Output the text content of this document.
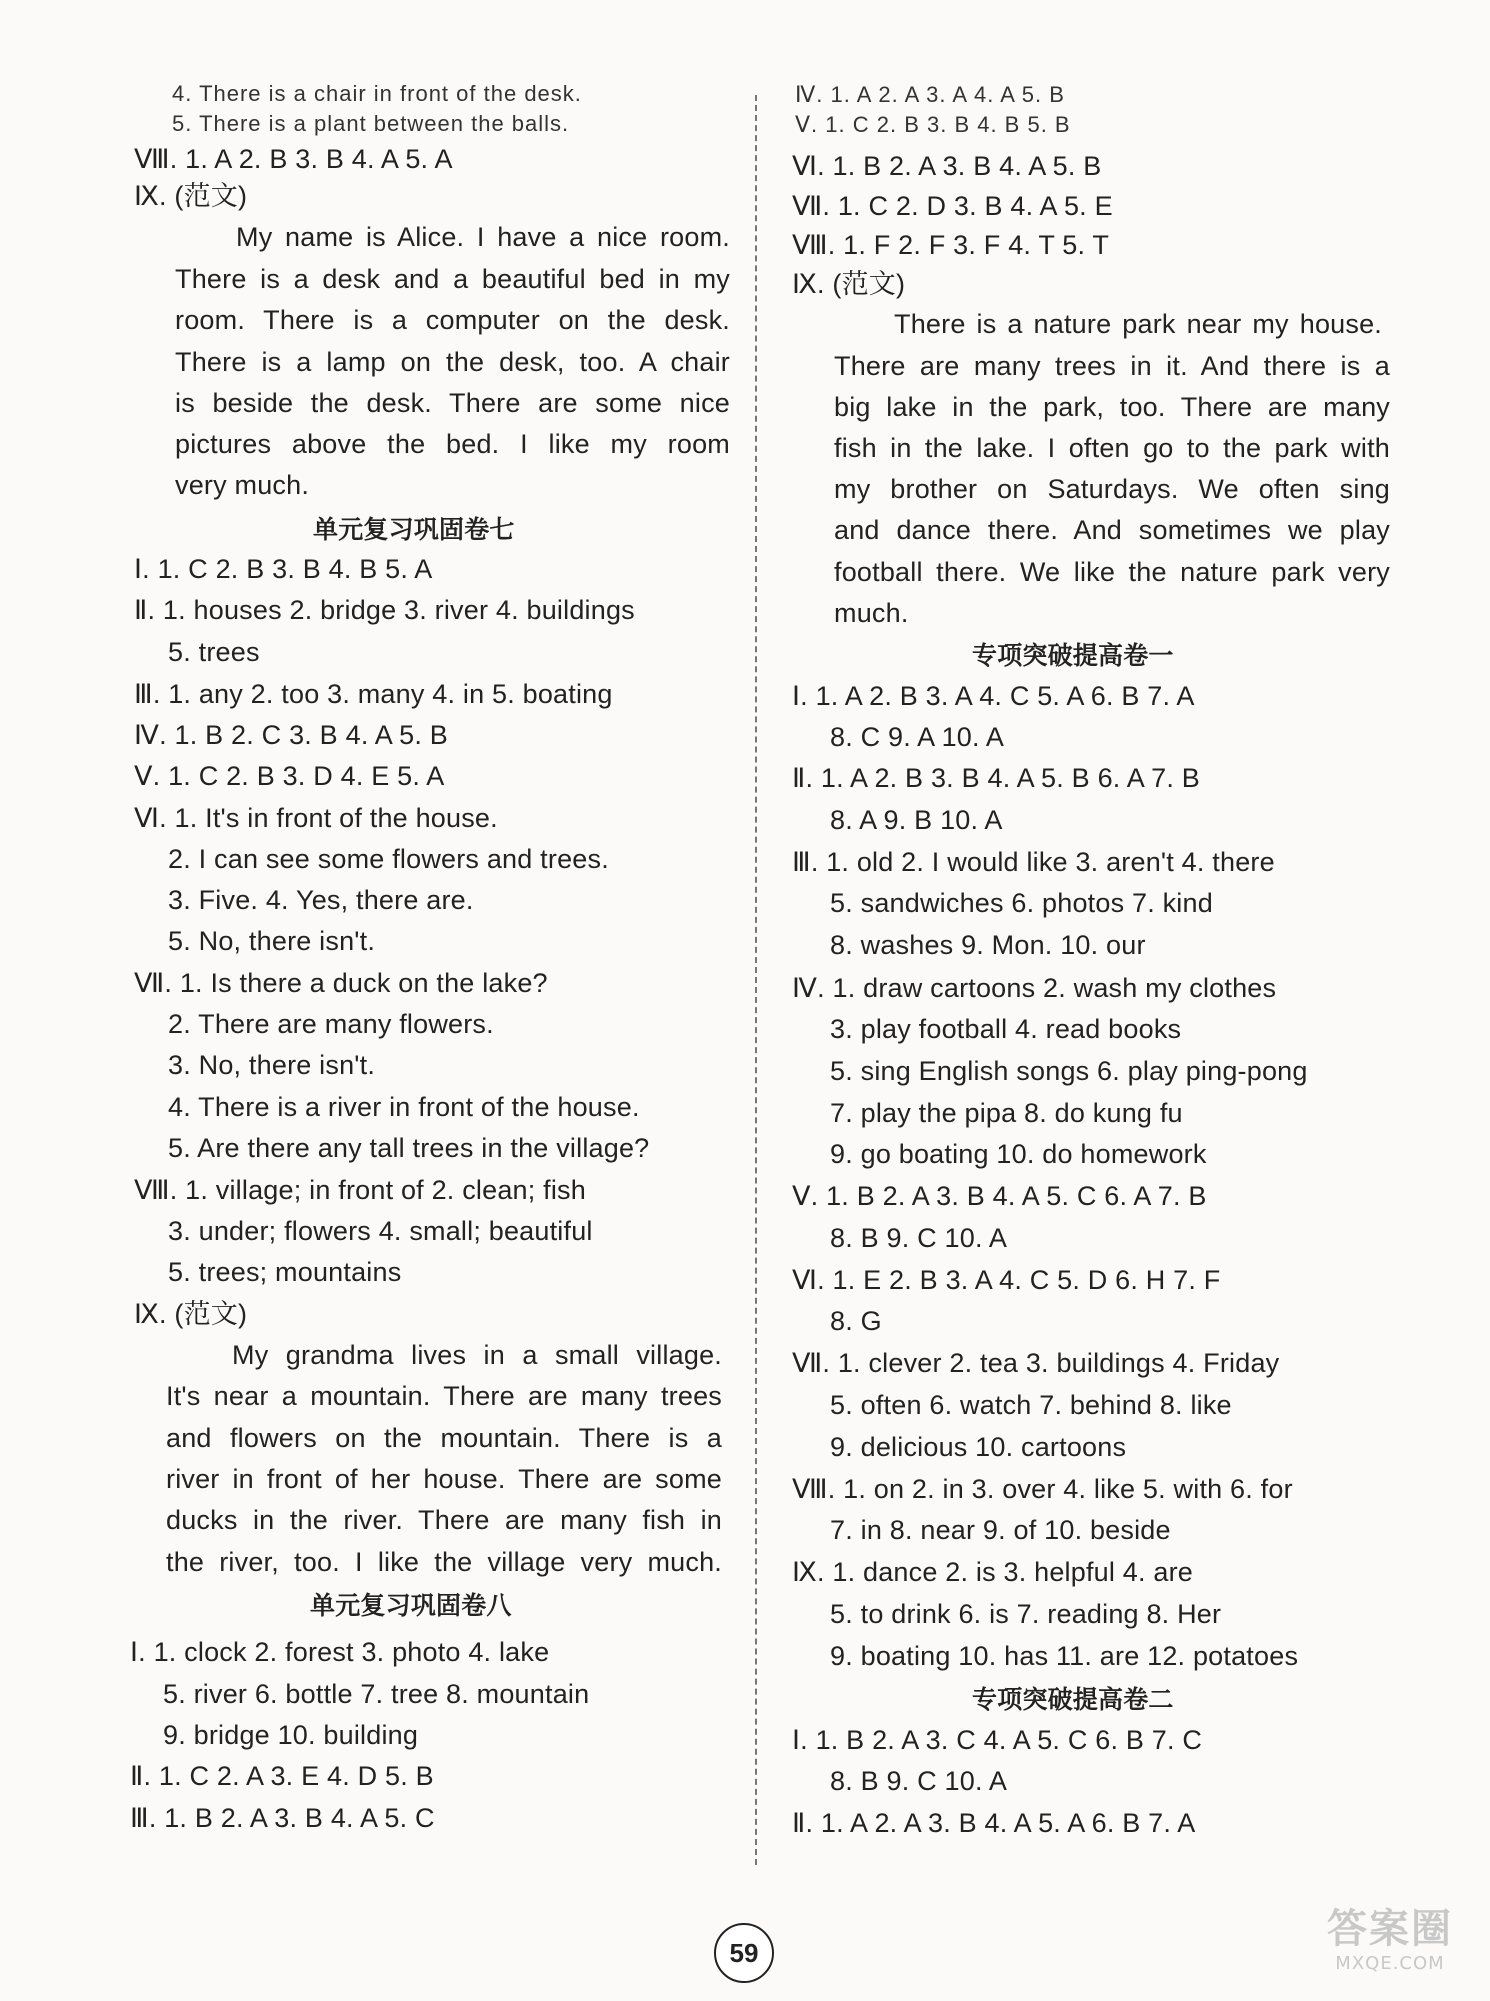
4. There is a chair in front of the desk.
5. There is a plant between the balls.
Ⅷ. 1. A 2. B 3. B 4. A 5. A
Ⅸ. (范文)
My name is Alice. I have a nice room.
There is a desk and a beautiful bed in my
room. There is a computer on the desk.
There is a lamp on the desk, too. A chair
is beside the desk. There are some nice
pictures above the bed. I like my room
very much.
单元复习巩固卷七
Ⅰ. 1. C 2. B 3. B 4. B 5. A
Ⅱ. 1. houses 2. bridge 3. river 4. buildings
5. trees
Ⅲ. 1. any 2. too 3. many 4. in 5. boating
Ⅳ. 1. B 2. C 3. B 4. A 5. B
Ⅴ. 1. C 2. B 3. D 4. E 5. A
Ⅵ. 1. It's in front of the house.
2. I can see some flowers and trees.
3. Five. 4. Yes, there are.
5. No, there isn't.
Ⅶ. 1. Is there a duck on the lake?
2. There are many flowers.
3. No, there isn't.
4. There is a river in front of the house.
5. Are there any tall trees in the village?
Ⅷ. 1. village; in front of 2. clean; fish
3. under; flowers 4. small; beautiful
5. trees; mountains
Ⅸ. (范文)
My grandma lives in a small village.
It's near a mountain. There are many trees
and flowers on the mountain. There is a
river in front of her house. There are some
ducks in the river. There are many fish in
the river, too. I like the village very much.
单元复习巩固卷八
Ⅰ. 1. clock 2. forest 3. photo 4. lake
5. river 6. bottle 7. tree 8. mountain
9. bridge 10. building
Ⅱ. 1. C 2. A 3. E 4. D 5. B
Ⅲ. 1. B 2. A 3. B 4. A 5. C
Ⅳ. 1. A 2. A 3. A 4. A 5. B
Ⅴ. 1. C 2. B 3. B 4. B 5. B
Ⅵ. 1. B 2. A 3. B 4. A 5. B
Ⅶ. 1. C 2. D 3. B 4. A 5. E
Ⅷ. 1. F 2. F 3. F 4. T 5. T
Ⅸ. (范文)
There is a nature park near my house.
There are many trees in it. And there is a
big lake in the park, too. There are many
fish in the lake. I often go to the park with
my brother on Saturdays. We often sing
and dance there. And sometimes we play
football there. We like the nature park very
much.
专项突破提高卷一
Ⅰ. 1. A 2. B 3. A 4. C 5. A 6. B 7. A
8. C 9. A 10. A
Ⅱ. 1. A 2. B 3. B 4. A 5. B 6. A 7. B
8. A 9. B 10. A
Ⅲ. 1. old 2. I would like 3. aren't 4. there
5. sandwiches 6. photos 7. kind
8. washes 9. Mon. 10. our
Ⅳ. 1. draw cartoons 2. wash my clothes
3. play football 4. read books
5. sing English songs 6. play ping-pong
7. play the pipa 8. do kung fu
9. go boating 10. do homework
Ⅴ. 1. B 2. A 3. B 4. A 5. C 6. A 7. B
8. B 9. C 10. A
Ⅵ. 1. E 2. B 3. A 4. C 5. D 6. H 7. F
8. G
Ⅶ. 1. clever 2. tea 3. buildings 4. Friday
5. often 6. watch 7. behind 8. like
9. delicious 10. cartoons
Ⅷ. 1. on 2. in 3. over 4. like 5. with 6. for
7. in 8. near 9. of 10. beside
Ⅸ. 1. dance 2. is 3. helpful 4. are
5. to drink 6. is 7. reading 8. Her
9. boating 10. has 11. are 12. potatoes
专项突破提高卷二
Ⅰ. 1. B 2. A 3. C 4. A 5. C 6. B 7. C
8. B 9. C 10. A
Ⅱ. 1. A 2. A 3. B 4. A 5. A 6. B 7. A
59
答案圈
MXQE.COM
